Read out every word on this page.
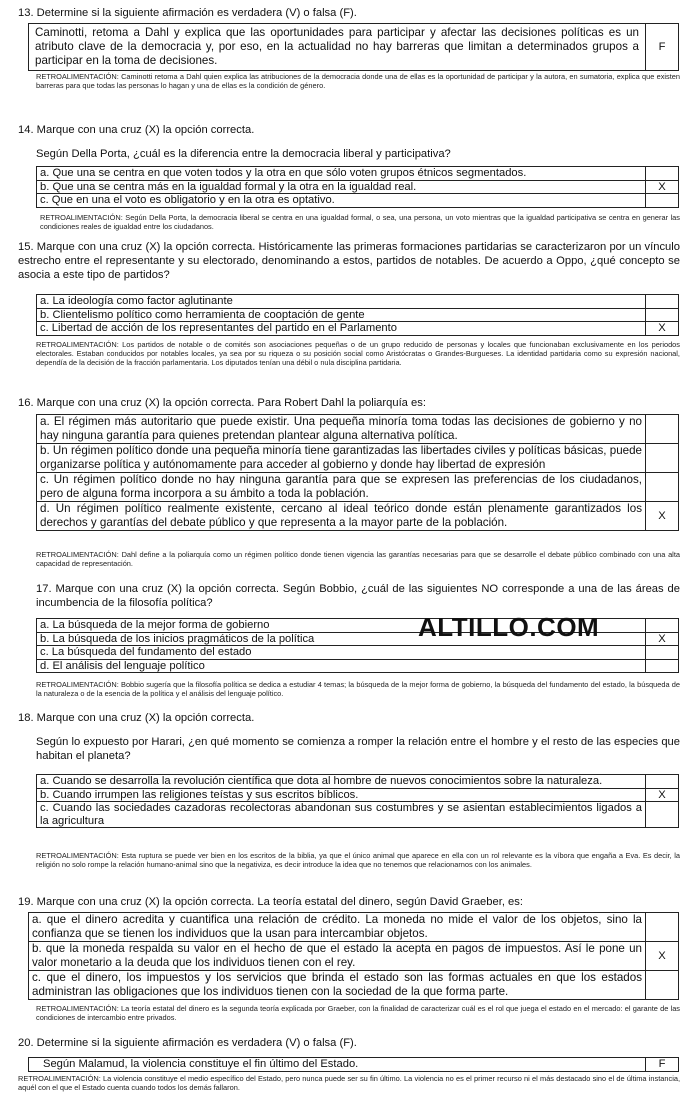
13. Determine si la siguiente afirmación es verdadera (V) o falsa (F).

Caminotti, retoma a Dahl y explica que las oportunidades para participar y afectar las decisiones políticas es un atributo clave de la democracia y, por eso, en la actualidad no hay barreras que limitan a determinados grupos a participar en la toma de decisiones.	F

RETROALIMENTACIÓN: Caminotti retoma a Dahl quien explica las atribuciones de la democracia donde una de ellas es la oportunidad de participar y la autora, en sumatoria, explica que existen barreras para que todas las personas lo hagan y una de ellas es la condición de género.

14. Marque con una cruz (X) la opción correcta.

Según Della Porta, ¿cuál es la diferencia entre la democracia liberal y participativa?

a. Que una se centra en que voten todos y la otra en que sólo voten grupos étnicos segmentados.	
b. Que una se centra más en la igualdad formal y la otra en la igualdad real.	X
c. Que en una el voto es obligatorio y en la otra es optativo.	

RETROALIMENTACIÓN: Según Della Porta, la democracia liberal se centra en una igualdad formal, o sea, una persona, un voto mientras que la igualdad participativa se centra en generar las condiciones reales de igualdad entre los ciudadanos.

15. Marque con una cruz (X) la opción correcta. Históricamente las primeras formaciones partidarias se caracterizaron por un vínculo estrecho entre el representante y su electorado, denominando a estos, partidos de notables. De acuerdo a Oppo, ¿qué concepto se asocia a este tipo de partidos?

a. La ideología como factor aglutinante	
b. Clientelismo político como herramienta de cooptación de gente	
c. Libertad de acción de los representantes del partido en el Parlamento	X

RETROALIMENTACIÓN: Los partidos de notable o de comités son asociaciones pequeñas o de un grupo reducido de personas y locales que funcionaban exclusivamente en los periodos electorales. Estaban conducidos por notables locales, ya sea por su riqueza o su posición social como Aristócratas o Grandes-Burgueses. La identidad partidaria como su expresión nacional, dependía de la decisión de la fracción parlamentaria. Los diputados tenían una débil o nula disciplina partidaria.

16. Marque con una cruz (X) la opción correcta. Para Robert Dahl la poliarquía es:

a. El régimen más autoritario que puede existir. Una pequeña minoría toma todas las decisiones de gobierno y no hay ninguna garantía para quienes pretendan plantear alguna alternativa política.	
b. Un régimen político donde una pequeña minoría tiene garantizadas las libertades civiles y políticas básicas, puede organizarse política y autónomamente para acceder al gobierno y donde hay libertad de expresión	
c. Un régimen político donde no hay ninguna garantía para que se expresen las preferencias de los ciudadanos, pero de alguna forma incorpora a su ámbito a toda la población.	
d. Un régimen político realmente existente, cercano al ideal teórico donde están plenamente garantizados los derechos y garantías del debate público y que representa a la mayor parte de la población.	X

RETROALIMENTACIÓN: Dahl define a la poliarquía como un régimen político donde tienen vigencia las garantías necesarias para que se desarrolle el debate público combinado con una alta capacidad de representación.

17. Marque con una cruz (X) la opción correcta. Según Bobbio, ¿cuál de las siguientes NO corresponde a una de las áreas de incumbencia de la filosofía política?

a. La búsqueda de la mejor forma de gobierno	
b. La búsqueda de los inicios pragmáticos de la política	X
c. La búsqueda del fundamento del estado	
d. El análisis del lenguaje político	

RETROALIMENTACIÓN: Bobbio sugería que la filosofía política se dedica a estudiar 4 temas; la búsqueda de la mejor forma de gobierno, la búsqueda del fundamento del estado, la búsqueda de la naturaleza o de la esencia de la política y el análisis del lenguaje político.

18. Marque con una cruz (X) la opción correcta.

Según lo expuesto por Harari, ¿en qué momento se comienza a romper la relación entre el hombre y el resto de las especies que habitan el planeta?

a. Cuando se desarrolla la revolución científica que dota al hombre de nuevos conocimientos sobre la naturaleza.	
b. Cuando irrumpen las religiones teístas y sus escritos bíblicos.	X
c. Cuando las sociedades cazadoras recolectoras abandonan sus costumbres y se asientan establecimientos ligados a la agricultura	

RETROALIMENTACIÓN: Esta ruptura se puede ver bien en los escritos de la biblia, ya que el único animal que aparece en ella con un rol relevante es la víbora que engaña a Eva. Es decir, la religión no solo rompe la relación humano-animal sino que la negativiza, es decir introduce la idea que no tenemos que relacionarnos con los animales.

19. Marque con una cruz (X) la opción correcta. La teoría estatal del dinero, según David Graeber, es:

a. que el dinero acredita y cuantifica una relación de crédito. La moneda no mide el valor de los objetos, sino la confianza que se tienen los individuos que la usan para intercambiar objetos.	
b. que la moneda respalda su valor en el hecho de que el estado la acepta en pagos de impuestos. Así le pone un valor monetario a la deuda que los individuos tienen con el rey.	X
c. que el dinero, los impuestos y los servicios que brinda el estado son las formas actuales en que los estados administran las obligaciones que los individuos tienen con la sociedad de la que forma parte.	

RETROALIMENTACIÓN: La teoría estatal del dinero es la segunda teoría explicada por Graeber, con la finalidad de caracterizar cuál es el rol que juega el estado en el mercado: el garante de las condiciones de intercambio entre privados.

20. Determine si la siguiente afirmación es verdadera (V) o falsa (F).

Según Malamud, la violencia constituye el fin último del Estado.	F

RETROALIMENTACIÓN: La violencia constituye el medio específico del Estado, pero nunca puede ser su fin último. La violencia no es el primer recurso ni el más destacado sino el de última instancia, aquél con el que el Estado cuenta cuando todos los demás fallaron.

ALTILLO.COM
